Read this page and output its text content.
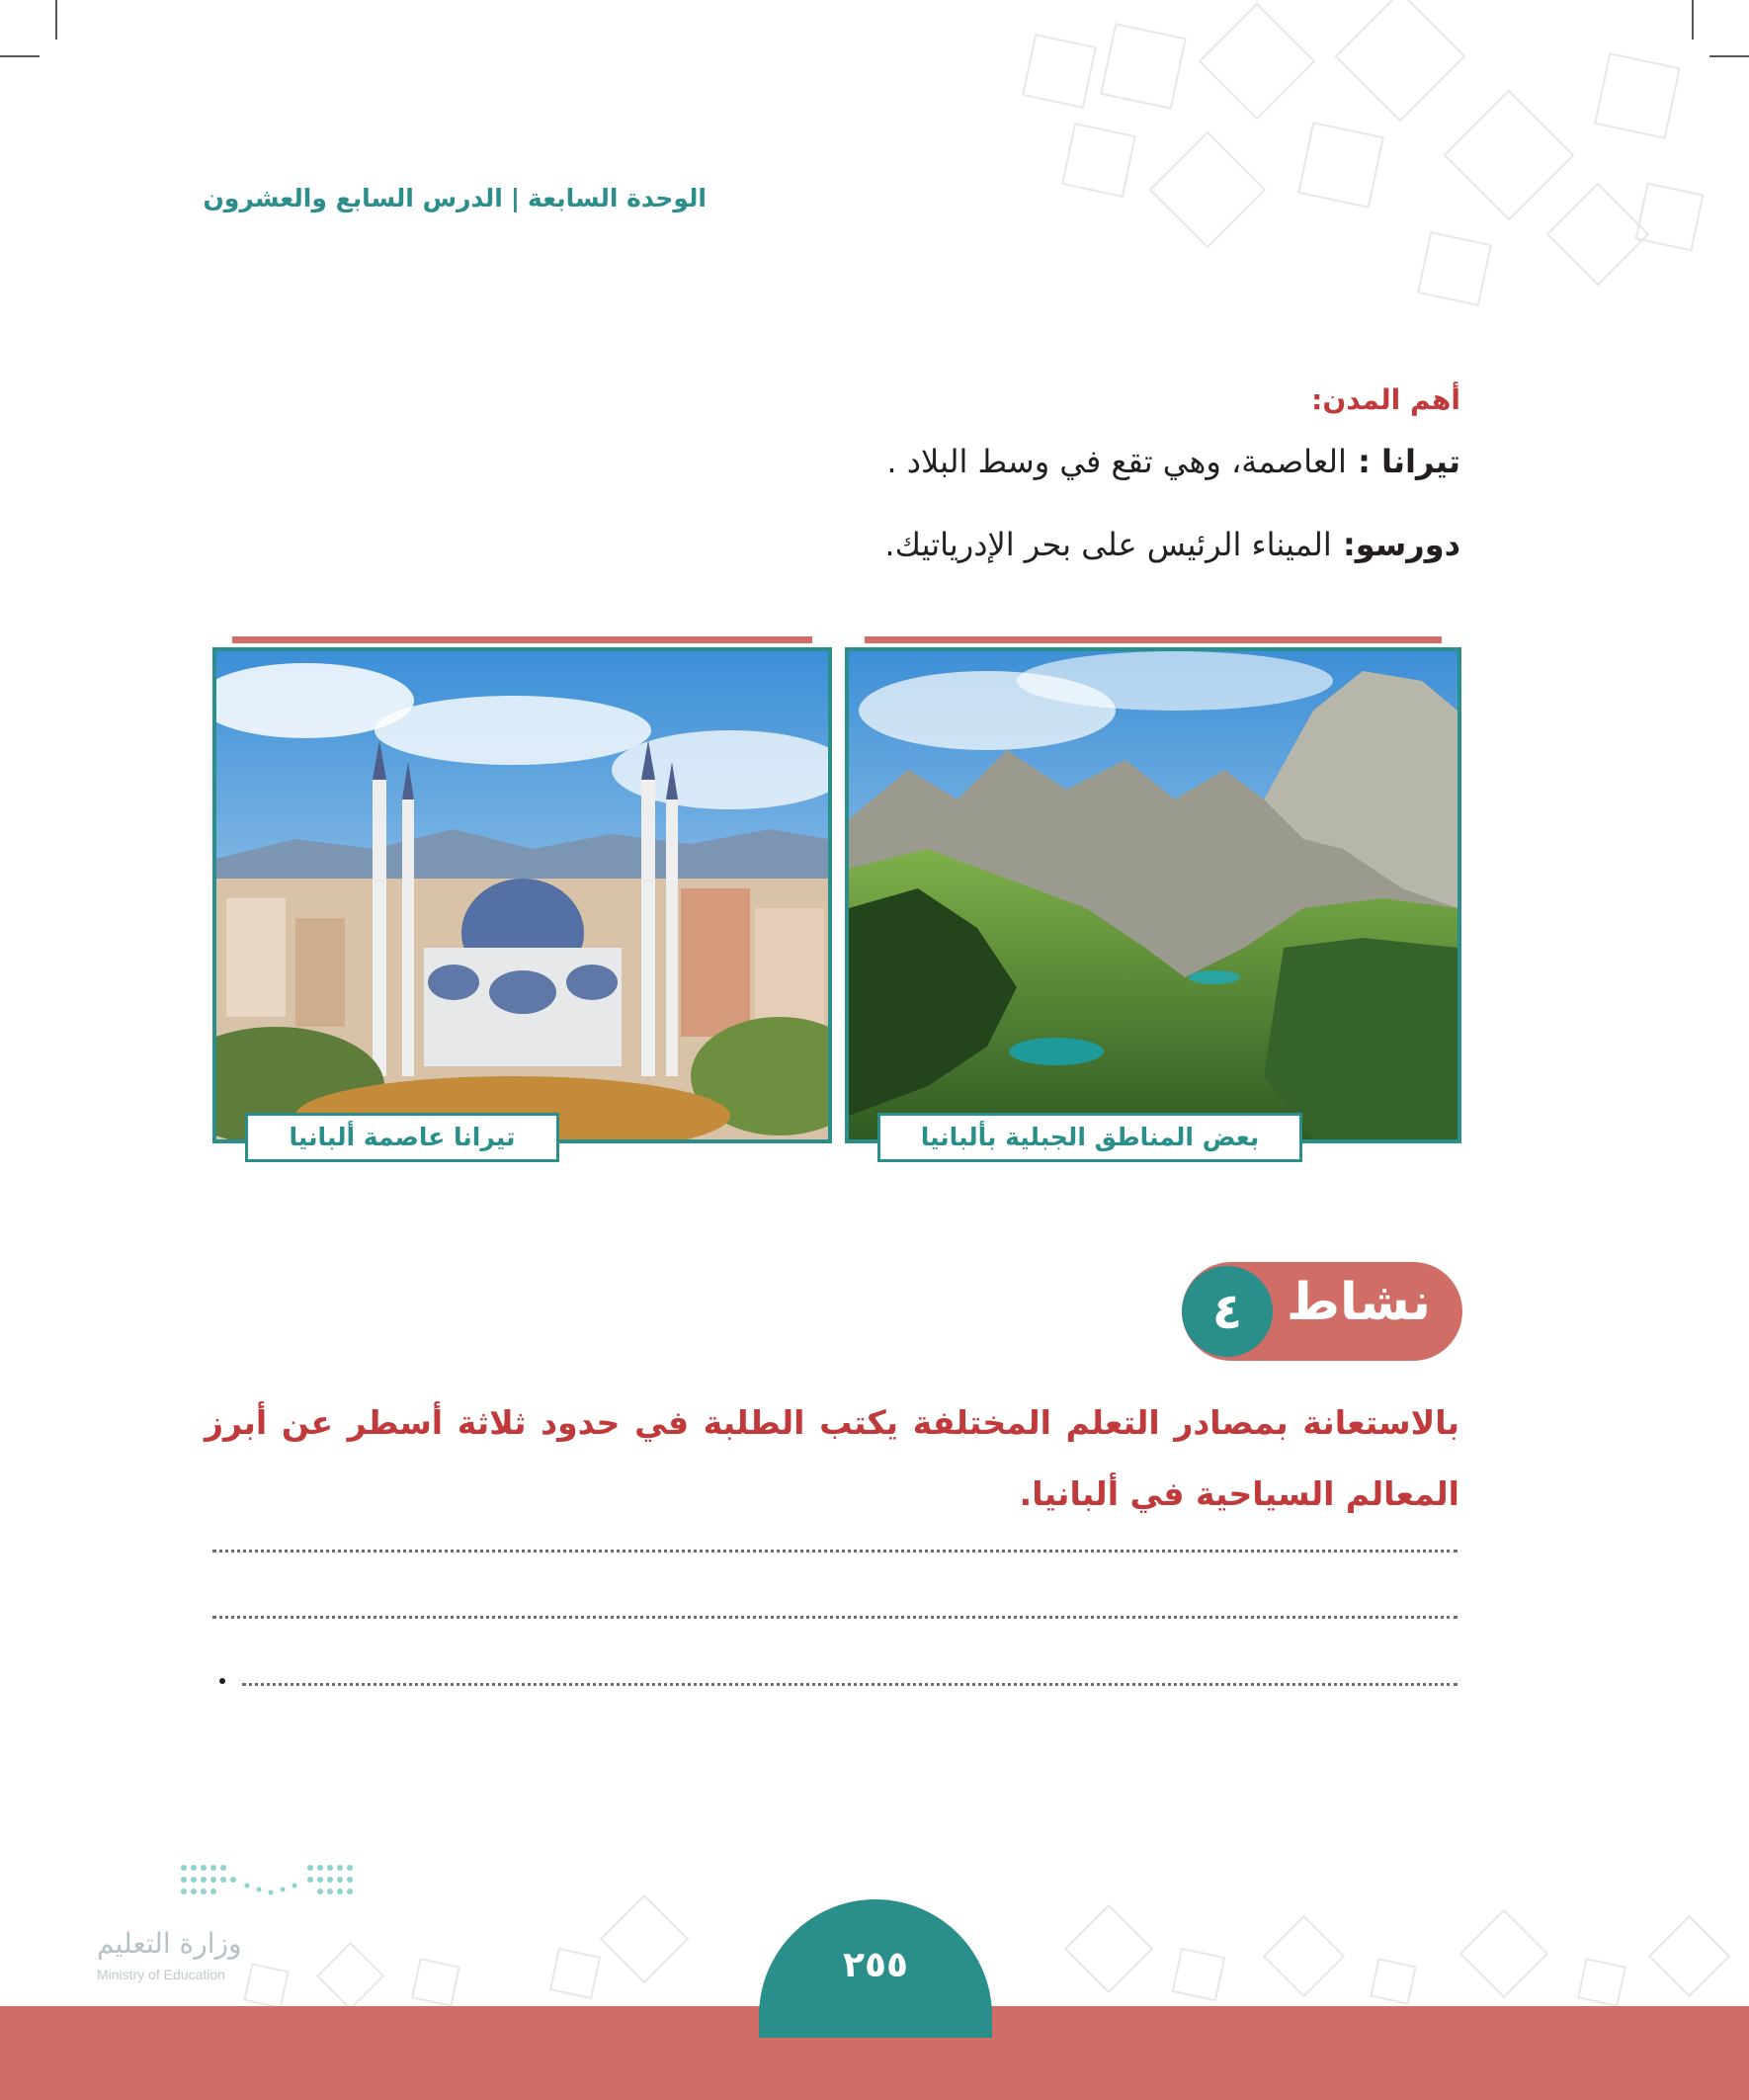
الوحدة السابعة|الدرس السابع والعشرون
أهم المدن:
تيرانا : العاصمة، وهي تقع في وسط البلاد .
دورسو: الميناء الرئيس على بحر الإدرياتيك.
بعض المناطق الجبلية بألبانيا
تيرانا عاصمة ألبانيا
نشاط
٤
بالاستعانة بمصادر التعلم المختلفة يكتب الطلبة في حدود ثلاثة أسطر عن أبرز المعالم السياحية في ألبانيا.
وزارة التعليم
Ministry of Education	٢٥٥
